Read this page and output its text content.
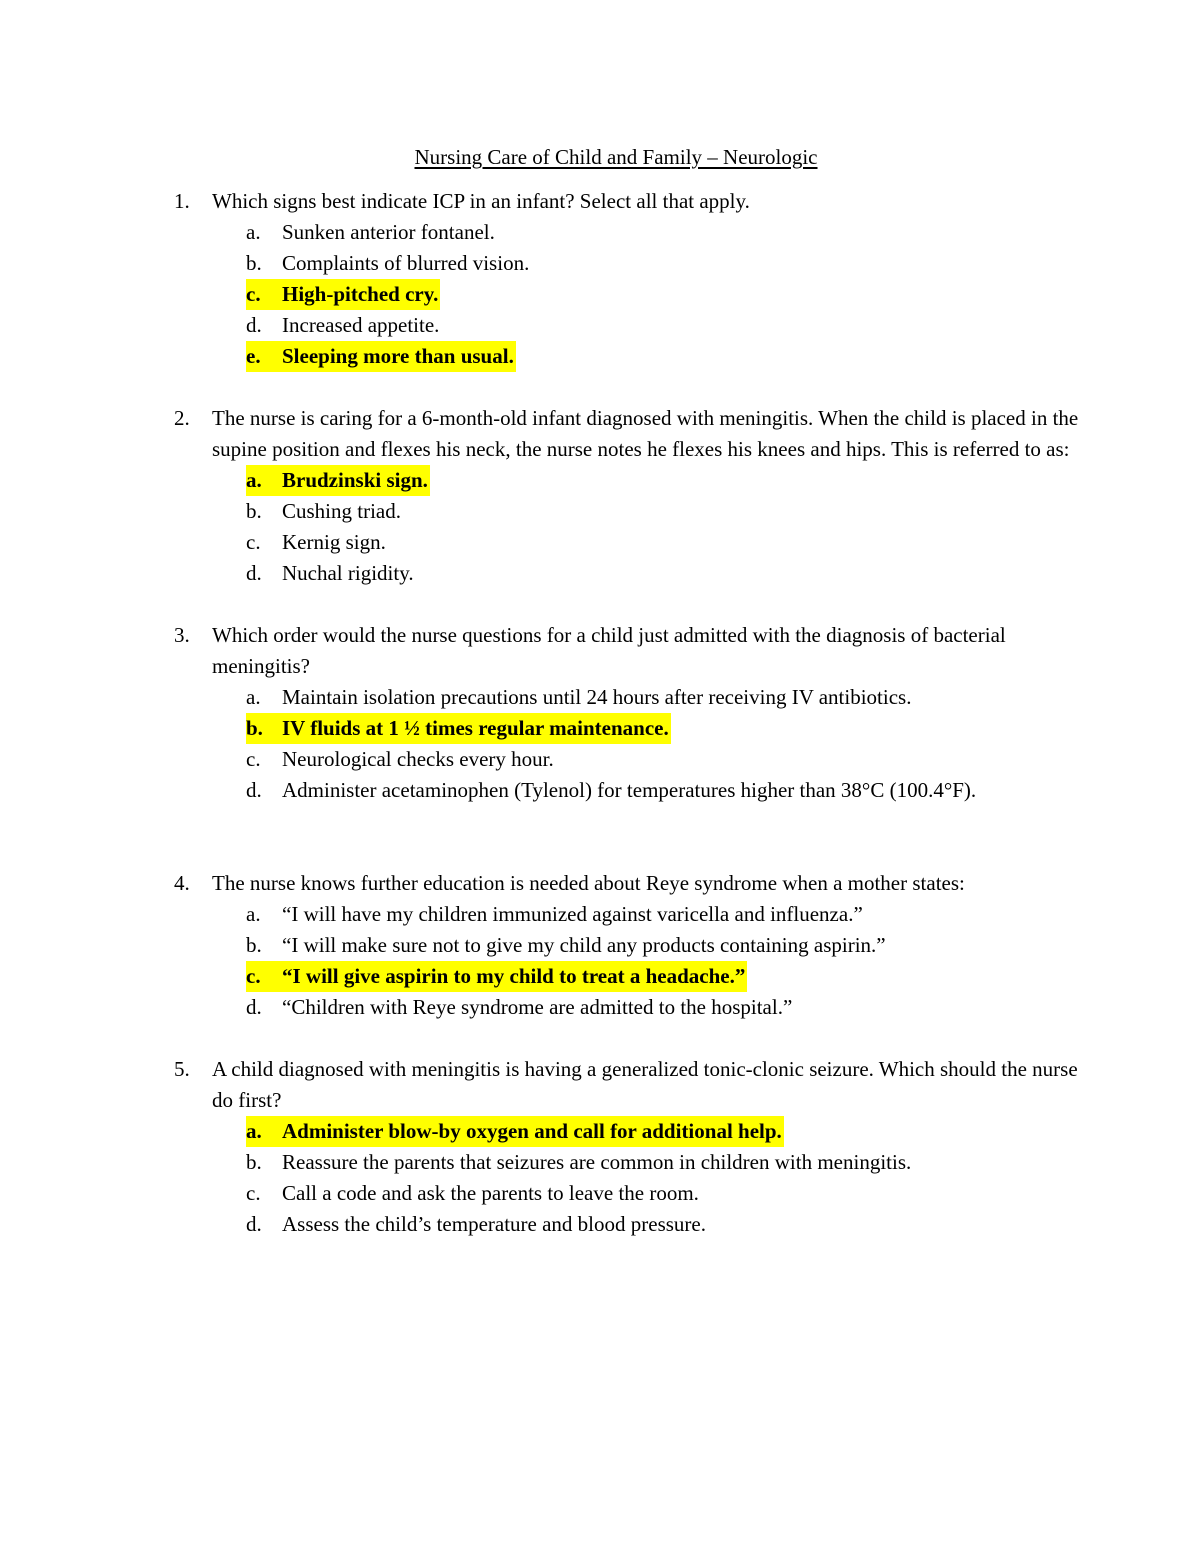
Nursing Care of Child and Family – Neurologic
1. Which signs best indicate ICP in an infant? Select all that apply.
a. Sunken anterior fontanel.
b. Complaints of blurred vision.
c. High-pitched cry.
d. Increased appetite.
e. Sleeping more than usual.
2. The nurse is caring for a 6-month-old infant diagnosed with meningitis. When the child is placed in the supine position and flexes his neck, the nurse notes he flexes his knees and hips. This is referred to as:
a. Brudzinski sign.
b. Cushing triad.
c. Kernig sign.
d. Nuchal rigidity.
3. Which order would the nurse questions for a child just admitted with the diagnosis of bacterial meningitis?
a. Maintain isolation precautions until 24 hours after receiving IV antibiotics.
b. IV fluids at 1 ½ times regular maintenance.
c. Neurological checks every hour.
d. Administer acetaminophen (Tylenol) for temperatures higher than 38°C (100.4°F).
4. The nurse knows further education is needed about Reye syndrome when a mother states:
a. “I will have my children immunized against varicella and influenza.”
b. “I will make sure not to give my child any products containing aspirin.”
c. “I will give aspirin to my child to treat a headache.”
d. “Children with Reye syndrome are admitted to the hospital.”
5. A child diagnosed with meningitis is having a generalized tonic-clonic seizure. Which should the nurse do first?
a. Administer blow-by oxygen and call for additional help.
b. Reassure the parents that seizures are common in children with meningitis.
c. Call a code and ask the parents to leave the room.
d. Assess the child’s temperature and blood pressure.
